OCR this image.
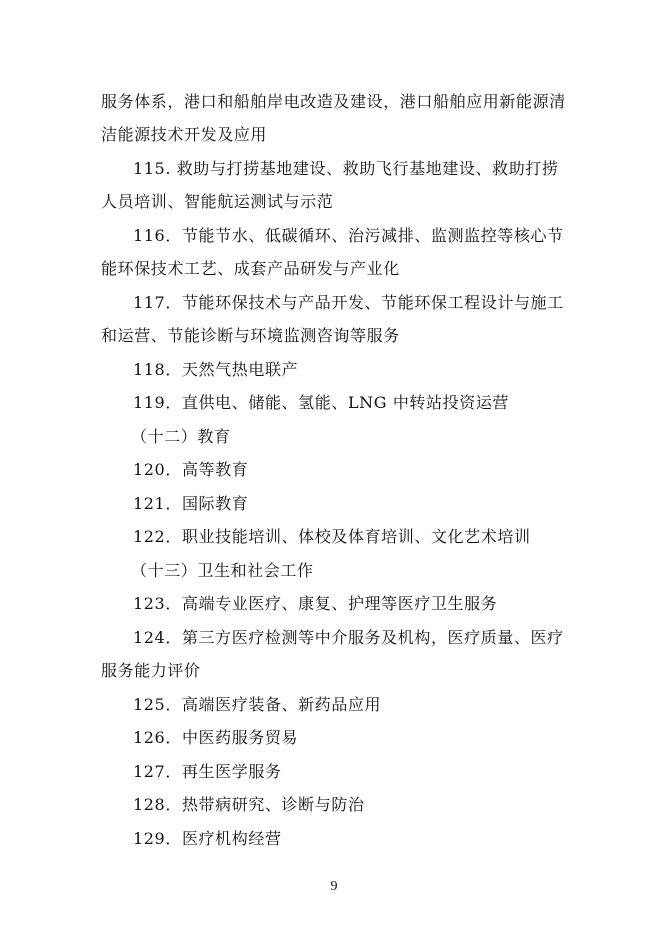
服务体系，港口和船舶岸电改造及建设，港口船舶应用新能源清
洁能源技术开发及应用
115. 救助与打捞基地建设、救助飞行基地建设、救助打捞
人员培训、智能航运测试与示范
116．节能节水、低碳循环、治污减排、监测监控等核心节
能环保技术工艺、成套产品研发与产业化
117．节能环保技术与产品开发、节能环保工程设计与施工
和运营、节能诊断与环境监测咨询等服务
118．天然气热电联产
119．直供电、储能、氢能、LNG 中转站投资运营
（十二）教育
120．高等教育
121．国际教育
122．职业技能培训、体校及体育培训、文化艺术培训
（十三）卫生和社会工作
123．高端专业医疗、康复、护理等医疗卫生服务
124．第三方医疗检测等中介服务及机构，医疗质量、医疗
服务能力评价
125．高端医疗装备、新药品应用
126．中医药服务贸易
127．再生医学服务
128．热带病研究、诊断与防治
129．医疗机构经营
9
